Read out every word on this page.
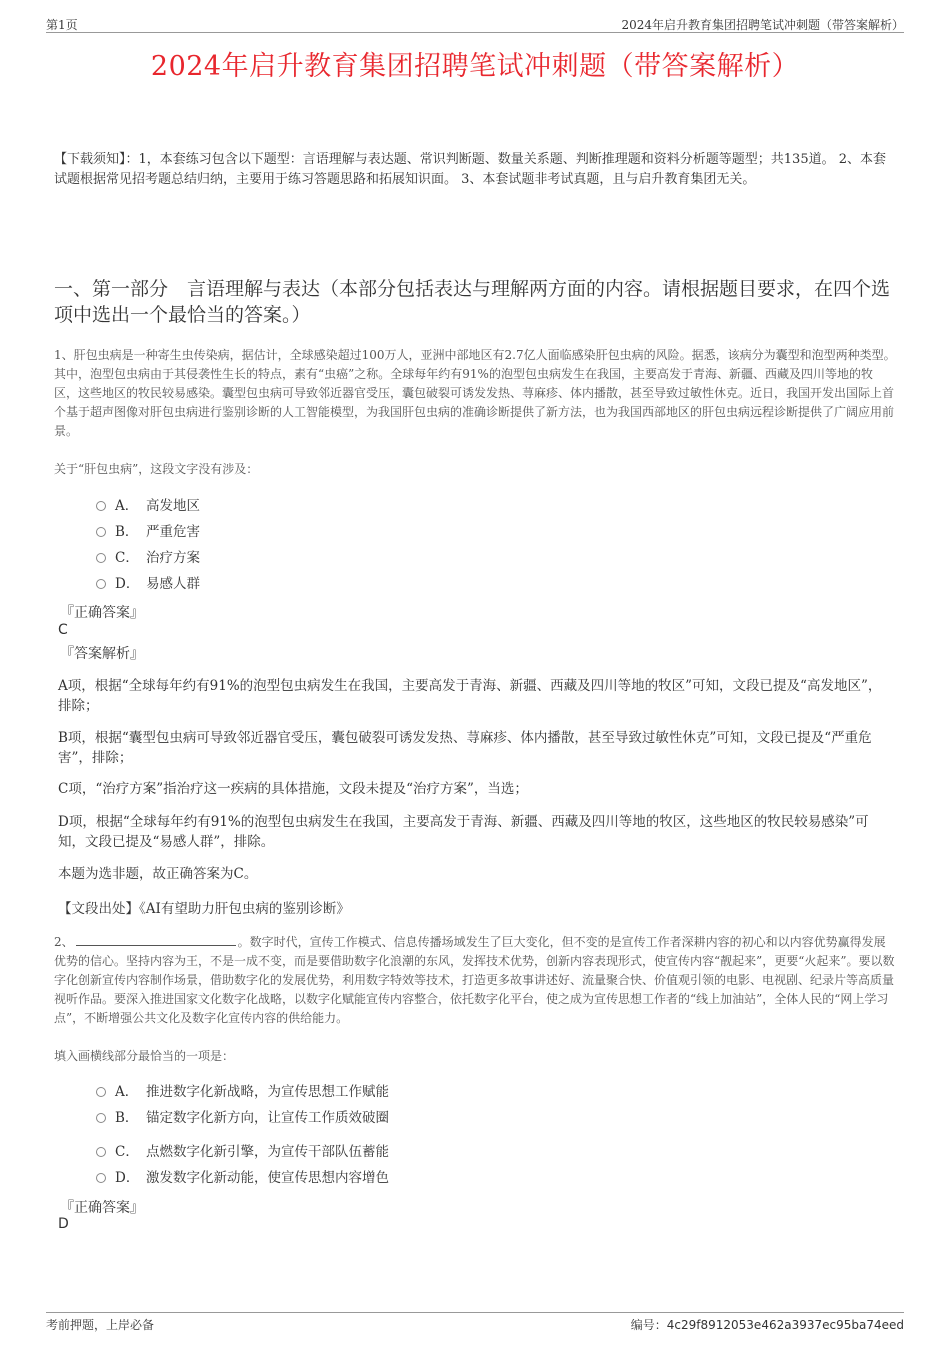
第1页	2024年启升教育集团招聘笔试冲刺题（带答案解析）
2024年启升教育集团招聘笔试冲刺题（带答案解析）
【下载须知】：1，本套练习包含以下题型：言语理解与表达题、常识判断题、数量关系题、判断推理题和资料分析题等题型；共135道。 2、本套试题根据常见招考题总结归纳，主要用于练习答题思路和拓展知识面。 3、本套试题非考试真题，且与启升教育集团无关。
一、第一部分　言语理解与表达（本部分包括表达与理解两方面的内容。请根据题目要求，在四个选项中选出一个最恰当的答案。）
1、肝包虫病是一种寄生虫传染病，据估计，全球感染超过100万人，亚洲中部地区有2.7亿人面临感染肝包虫病的风险。据悉，该病分为囊型和泡型两种类型。其中，泡型包虫病由于其侵袭性生长的特点，素有“虫癌”之称。全球每年约有91%的泡型包虫病发生在我国，主要高发于青海、新疆、西藏及四川等地的牧区，这些地区的牧民较易感染。囊型包虫病可导致邻近器官受压，囊包破裂可诱发发热、荨麻疹、体内播散，甚至导致过敏性休克。近日，我国开发出国际上首个基于超声图像对肝包虫病进行鉴别诊断的人工智能模型，为我国肝包虫病的准确诊断提供了新方法，也为我国西部地区的肝包虫病远程诊断提供了广阔应用前景。
关于“肝包虫病”，这段文字没有涉及：
A． 高发地区
B． 严重危害
C． 治疗方案
D． 易感人群
『正确答案』
C
『答案解析』
A项，根据“全球每年约有91%的泡型包虫病发生在我国，主要高发于青海、新疆、西藏及四川等地的牧区”可知，文段已提及“高发地区”，排除；
B项，根据“囊型包虫病可导致邻近器官受压，囊包破裂可诱发发热、荨麻疹、体内播散，甚至导致过敏性休克”可知，文段已提及“严重危害”，排除；
C项，“治疗方案”指治疗这一疾病的具体措施，文段未提及“治疗方案”，当选；
D项，根据“全球每年约有91%的泡型包虫病发生在我国，主要高发于青海、新疆、西藏及四川等地的牧区，这些地区的牧民较易感染”可知，文段已提及“易感人群”，排除。
本题为选非题，故正确答案为C。
【文段出处】《AI有望助力肝包虫病的鉴别诊断》
2、	。数字时代，宣传工作模式、信息传播场域发生了巨大变化，但不变的是宣传工作者深耕内容的初心和以内容优势赢得发展优势的信心。坚持内容为王，不是一成不变，而是要借助数字化浪潮的东风，发挥技术优势，创新内容表现形式，使宣传内容“靓起来”，更要“火起来”。要以数字化创新宣传内容制作场景，借助数字化的发展优势，利用数字特效等技术，打造更多故事讲述好、流量聚合快、价值观引领的电影、电视剧、纪录片等高质量视听作品。要深入推进国家文化数字化战略，以数字化赋能宣传内容整合，依托数字化平台，使之成为宣传思想工作者的“线上加油站”，全体人民的“网上学习点”，不断增强公共文化及数字化宣传内容的供给能力。
填入画横线部分最恰当的一项是：
A． 推进数字化新战略，为宣传思想工作赋能
B． 锚定数字化新方向，让宣传工作质效破圈
C． 点燃数字化新引擎，为宣传干部队伍蓄能
D． 激发数字化新动能，使宣传思想内容增色
『正确答案』
D
考前押题，上岸必备	编号：4c29f8912053e462a3937ec95ba74eed
